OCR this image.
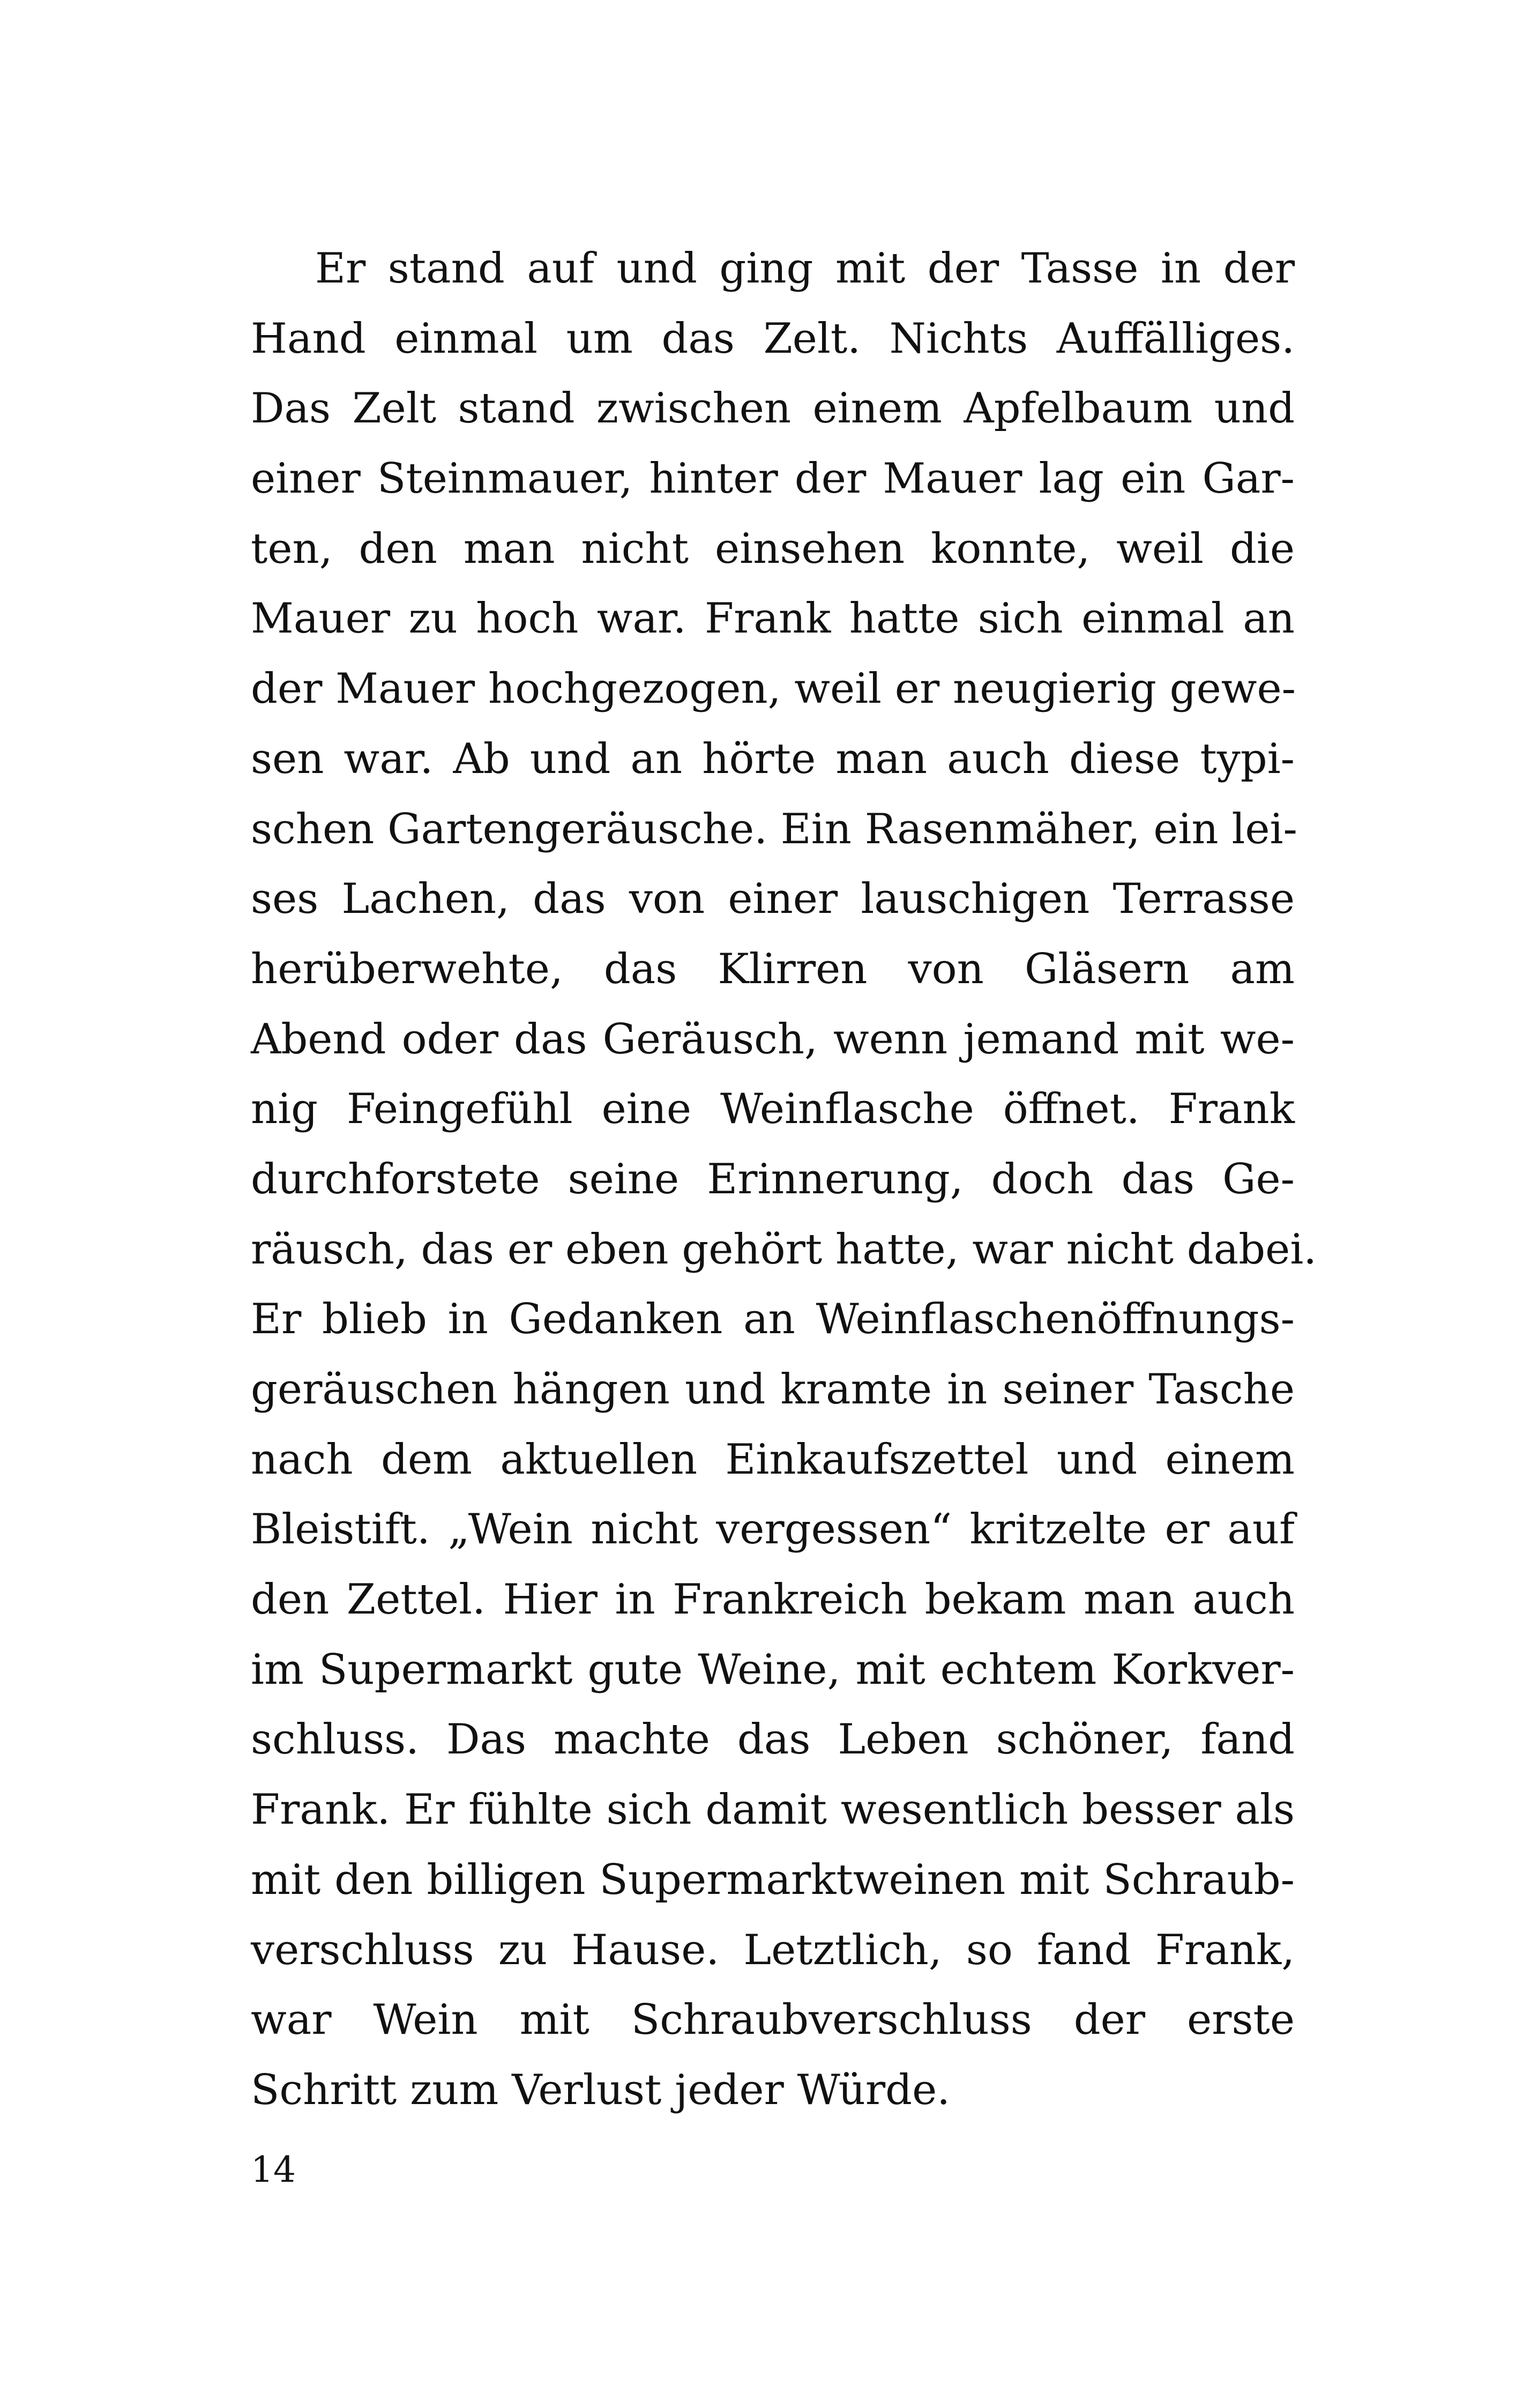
Er stand auf und ging mit der Tasse in der
Hand einmal um das Zelt. Nichts Auffälliges.
Das Zelt stand zwischen einem Apfelbaum und
einer Steinmauer, hinter der Mauer lag ein Gar-
ten, den man nicht einsehen konnte, weil die
Mauer zu hoch war. Frank hatte sich einmal an
der Mauer hochgezogen, weil er neugierig gewe-
sen war. Ab und an hörte man auch diese typi-
schen Gartengeräusche. Ein Rasenmäher, ein lei-
ses Lachen, das von einer lauschigen Terrasse
herüberwehte, das Klirren von Gläsern am
Abend oder das Geräusch, wenn jemand mit we-
nig Feingefühl eine Weinflasche öffnet. Frank
durchforstete seine Erinnerung, doch das Ge-
räusch, das er eben gehört hatte, war nicht dabei.
Er blieb in Gedanken an Weinflaschenöffnungs-
geräuschen hängen und kramte in seiner Tasche
nach dem aktuellen Einkaufszettel und einem
Bleistift. „Wein nicht vergessen“ kritzelte er auf
den Zettel. Hier in Frankreich bekam man auch
im Supermarkt gute Weine, mit echtem Korkver-
schluss. Das machte das Leben schöner, fand
Frank. Er fühlte sich damit wesentlich besser als
mit den billigen Supermarktweinen mit Schraub-
verschluss zu Hause. Letztlich, so fand Frank,
war Wein mit Schraubverschluss der erste
Schritt zum Verlust jeder Würde.
14
